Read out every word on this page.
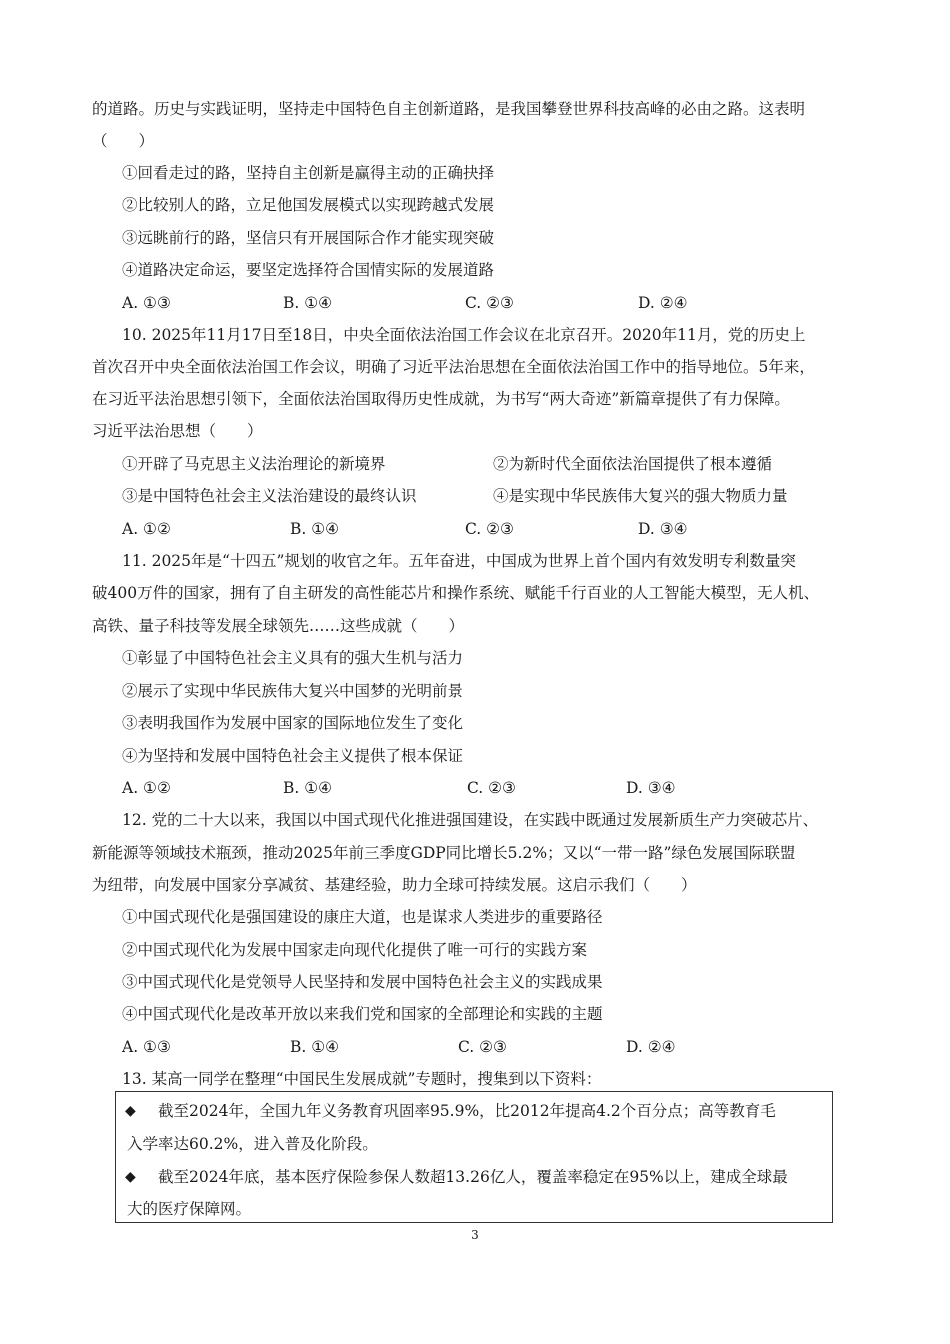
的道路。历史与实践证明，坚持走中国特色自主创新道路，是我国攀登世界科技高峰的必由之路。这表明
（　　）
①回看走过的路，坚持自主创新是赢得主动的正确抉择
②比较别人的路，立足他国发展模式以实现跨越式发展
③远眺前行的路，坚信只有开展国际合作才能实现突破
④道路决定命运，要坚定选择符合国情实际的发展道路
A. ①③	B. ①④	C. ②③	D. ②④
10. 2025年11月17日至18日，中央全面依法治国工作会议在北京召开。2020年11月，党的历史上
首次召开中央全面依法治国工作会议，明确了习近平法治思想在全面依法治国工作中的指导地位。5年来，
在习近平法治思想引领下，全面依法治国取得历史性成就，为书写“两大奇迹”新篇章提供了有力保障。
习近平法治思想（　　）
①开辟了马克思主义法治理论的新境界	②为新时代全面依法治国提供了根本遵循
③是中国特色社会主义法治建设的最终认识	④是实现中华民族伟大复兴的强大物质力量
A. ①②	B. ①④	C. ②③	D. ③④
11. 2025年是“十四五”规划的收官之年。五年奋进，中国成为世界上首个国内有效发明专利数量突
破400万件的国家，拥有了自主研发的高性能芯片和操作系统、赋能千行百业的人工智能大模型，无人机、
高铁、量子科技等发展全球领先……这些成就（　　）
①彰显了中国特色社会主义具有的强大生机与活力
②展示了实现中华民族伟大复兴中国梦的光明前景
③表明我国作为发展中国家的国际地位发生了变化
④为坚持和发展中国特色社会主义提供了根本保证
A. ①②	B. ①④	C. ②③	D. ③④
12. 党的二十大以来，我国以中国式现代化推进强国建设，在实践中既通过发展新质生产力突破芯片、
新能源等领域技术瓶颈，推动2025年前三季度GDP同比增长5.2%；又以“一带一路”绿色发展国际联盟
为纽带，向发展中国家分享减贫、基建经验，助力全球可持续发展。这启示我们（　　）
①中国式现代化是强国建设的康庄大道，也是谋求人类进步的重要路径
②中国式现代化为发展中国家走向现代化提供了唯一可行的实践方案
③中国式现代化是党领导人民坚持和发展中国特色社会主义的实践成果
④中国式现代化是改革开放以来我们党和国家的全部理论和实践的主题
A. ①③	B. ①④	C. ②③	D. ②④
13. 某高一同学在整理“中国民生发展成就”专题时，搜集到以下资料：
◆ 截至2024年，全国九年义务教育巩固率95.9%，比2012年提高4.2个百分点；高等教育毛
入学率达60.2%，进入普及化阶段。
◆ 截至2024年底，基本医疗保险参保人数超13.26亿人，覆盖率稳定在95%以上，建成全球最
大的医疗保障网。
3
